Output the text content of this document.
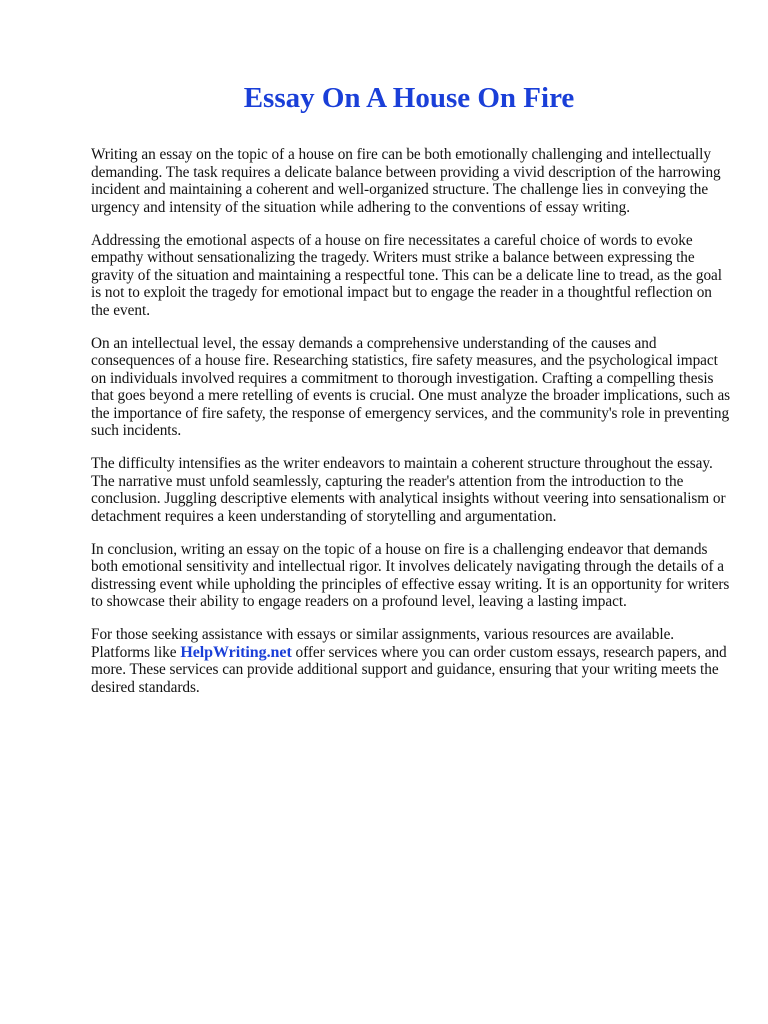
Essay On A House On Fire

Writing an essay on the topic of a house on fire can be both emotionally challenging and intellectually demanding. The task requires a delicate balance between providing a vivid description of the harrowing incident and maintaining a coherent and well-organized structure. The challenge lies in conveying the urgency and intensity of the situation while adhering to the conventions of essay writing.

Addressing the emotional aspects of a house on fire necessitates a careful choice of words to evoke empathy without sensationalizing the tragedy. Writers must strike a balance between expressing the gravity of the situation and maintaining a respectful tone. This can be a delicate line to tread, as the goal is not to exploit the tragedy for emotional impact but to engage the reader in a thoughtful reflection on the event.

On an intellectual level, the essay demands a comprehensive understanding of the causes and consequences of a house fire. Researching statistics, fire safety measures, and the psychological impact on individuals involved requires a commitment to thorough investigation. Crafting a compelling thesis that goes beyond a mere retelling of events is crucial. One must analyze the broader implications, such as the importance of fire safety, the response of emergency services, and the community's role in preventing such incidents.

The difficulty intensifies as the writer endeavors to maintain a coherent structure throughout the essay. The narrative must unfold seamlessly, capturing the reader's attention from the introduction to the conclusion. Juggling descriptive elements with analytical insights without veering into sensationalism or detachment requires a keen understanding of storytelling and argumentation.

In conclusion, writing an essay on the topic of a house on fire is a challenging endeavor that demands both emotional sensitivity and intellectual rigor. It involves delicately navigating through the details of a distressing event while upholding the principles of effective essay writing. It is an opportunity for writers to showcase their ability to engage readers on a profound level, leaving a lasting impact.

For those seeking assistance with essays or similar assignments, various resources are available. Platforms like HelpWriting.net offer services where you can order custom essays, research papers, and more. These services can provide additional support and guidance, ensuring that your writing meets the desired standards.
